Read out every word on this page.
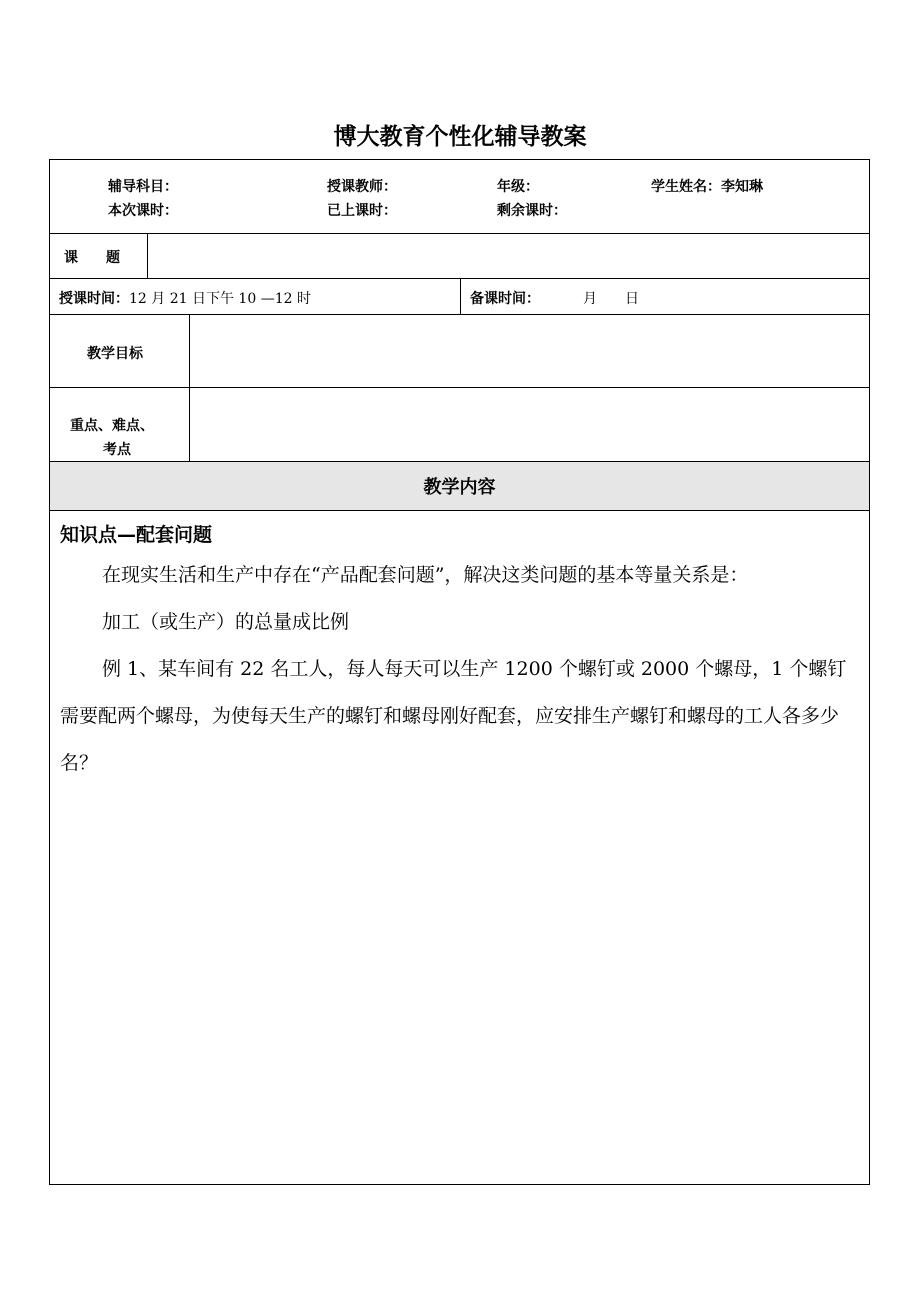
博大教育个性化辅导教案
辅导科目：	授课教师：	年级：	学生姓名：李知琳
本次课时：	已上课时：	剩余课时：
课　　题
授课时间：12 月 21 日下午 10 —12 时	备课时间：	月　　日
教学目标
重点、难点、
考点
教学内容

知识点—配套问题

在现实生活和生产中存在“产品配套问题”，解决这类问题的基本等量关系是：

加工（或生产）的总量成比例

例 1、某车间有 22 名工人，每人每天可以生产 1200 个螺钉或 2000 个螺母，1 个螺钉需要配两个螺母，为使每天生产的螺钉和螺母刚好配套，应安排生产螺钉和螺母的工人各多少名？
